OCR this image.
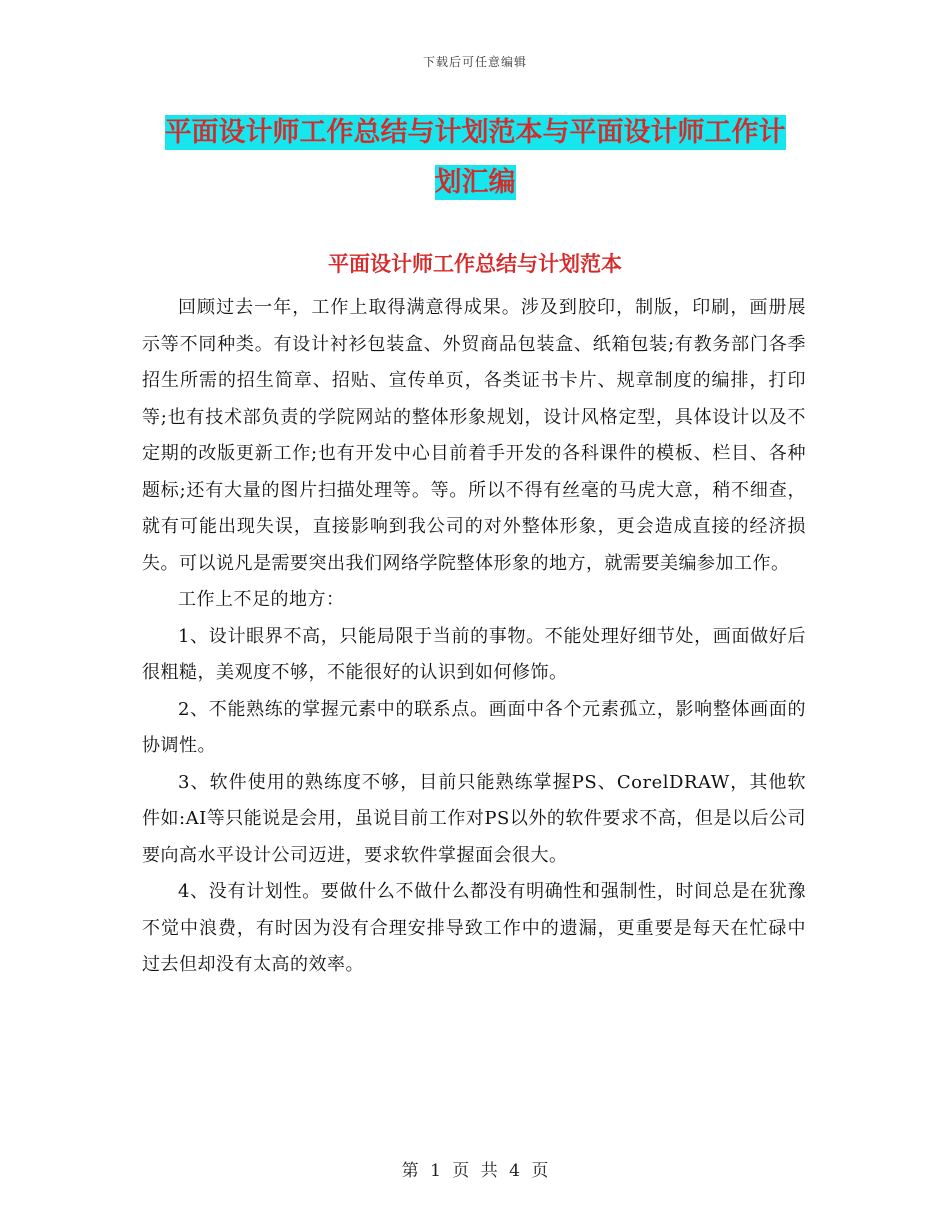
下载后可任意编辑
平面设计师工作总结与计划范本与平面设计师工作计
划汇编
平面设计师工作总结与计划范本

回顾过去一年，工作上取得满意得成果。涉及到胶印，制版，印刷，画册展示等不同种类。有设计衬衫包装盒、外贸商品包装盒、纸箱包装;有教务部门各季招生所需的招生简章、招贴、宣传单页，各类证书卡片、规章制度的编排，打印等;也有技术部负责的学院网站的整体形象规划，设计风格定型，具体设计以及不定期的改版更新工作;也有开发中心目前着手开发的各科课件的模板、栏目、各种题标;还有大量的图片扫描处理等。等。所以不得有丝毫的马虎大意，稍不细查，就有可能出现失误，直接影响到我公司的对外整体形象，更会造成直接的经济损失。可以说凡是需要突出我们网络学院整体形象的地方，就需要美编参加工作。

工作上不足的地方：

1、设计眼界不高，只能局限于当前的事物。不能处理好细节处，画面做好后很粗糙，美观度不够，不能很好的认识到如何修饰。

2、不能熟练的掌握元素中的联系点。画面中各个元素孤立，影响整体画面的协调性。

3、软件使用的熟练度不够，目前只能熟练掌握PS、CorelDRAW，其他软件如:AI等只能说是会用，虽说目前工作对PS以外的软件要求不高，但是以后公司要向高水平设计公司迈进，要求软件掌握面会很大。

4、没有计划性。要做什么不做什么都没有明确性和强制性，时间总是在犹豫不觉中浪费，有时因为没有合理安排导致工作中的遗漏，更重要是每天在忙碌中过去但却没有太高的效率。

第 1 页 共 4 页
